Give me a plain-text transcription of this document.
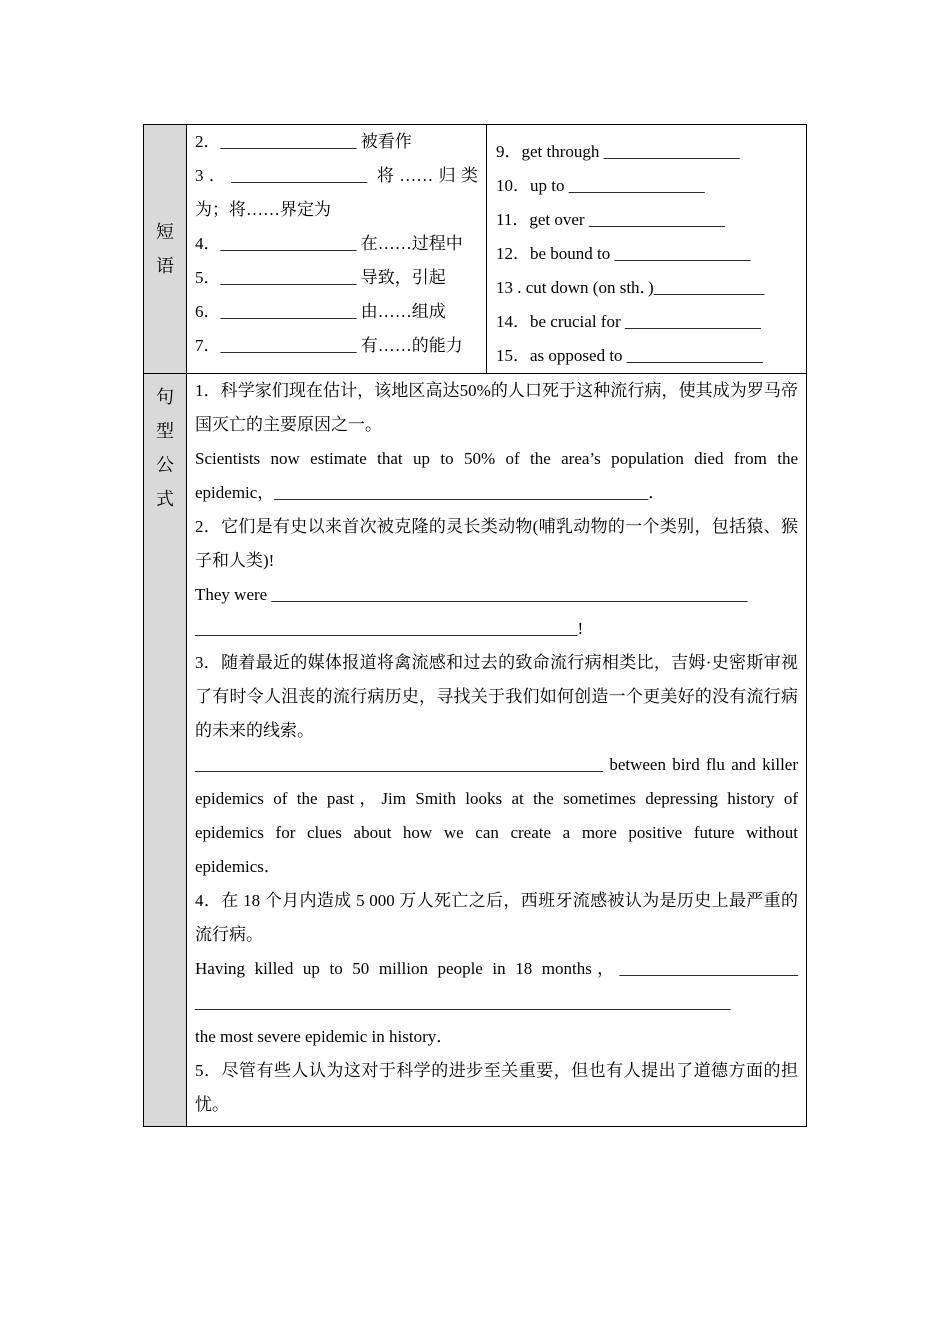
短语
2．________________ 被看作
3．________________ 将……归类为；将……界定为
4．________________ 在……过程中
5．________________ 导致，引起
6．________________ 由……组成
7．________________ 有……的能力
9．get through ________________
10．up to ________________
11．get over ________________
12．be bound to ________________
13 . cut down (on sth．)_____________
14．be crucial for ________________
15．as opposed to ________________
句型公式
1．科学家们现在估计，该地区高达50%的人口死于这种流行病，使其成为罗马帝国灭亡的主要原因之一。
Scientists now estimate that up to 50% of the area’s population died from the epidemic，____________________________________________．
2．它们是有史以来首次被克隆的灵长类动物(哺乳动物的一个类别，包括猿、猴子和人类)!
They were ________________________________________________________
_____________________________________________!
3．随着最近的媒体报道将禽流感和过去的致命流行病相类比，吉姆·史密斯审视了有时令人沮丧的流行病历史，寻找关于我们如何创造一个更美好的没有流行病的未来的线索。
________________________________________________ between bird flu and killer epidemics of the past，Jim Smith looks at the sometimes depressing history of epidemics for clues about how we can create a more positive future without epidemics．
4．在 18 个月内造成 5 000 万人死亡之后，西班牙流感被认为是历史上最严重的流行病。
Having killed up to 50 million people in 18 months，_____________________
_______________________________________________________________
the most severe epidemic in history．
5．尽管有些人认为这对于科学的进步至关重要，但也有人提出了道德方面的担忧。
